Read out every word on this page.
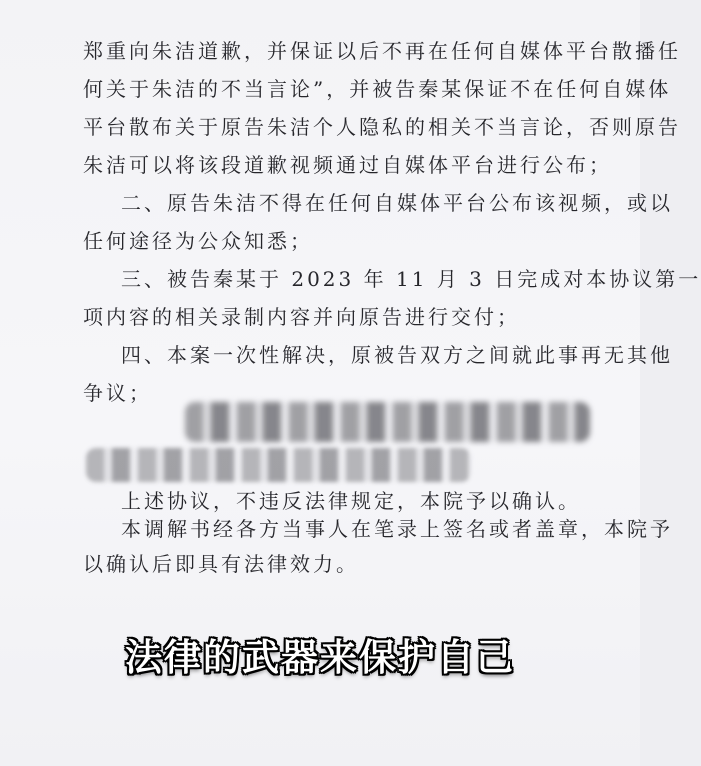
郑重向朱洁道歉，并保证以后不再在任何自媒体平台散播任

何关于朱洁的不当言论”，并被告秦某保证不在任何自媒体

平台散布关于原告朱洁个人隐私的相关不当言论，否则原告

朱洁可以将该段道歉视频通过自媒体平台进行公布；

二、原告朱洁不得在任何自媒体平台公布该视频，或以

任何途径为公众知悉；

三、被告秦某于 2023 年 11 月 3 日完成对本协议第一

项内容的相关录制内容并向原告进行交付；

四、本案一次性解决，原被告双方之间就此事再无其他

争议；

上述协议，不违反法律规定，本院予以确认。

本调解书经各方当事人在笔录上签名或者盖章，本院予

以确认后即具有法律效力。

法律的武器来保护自己
